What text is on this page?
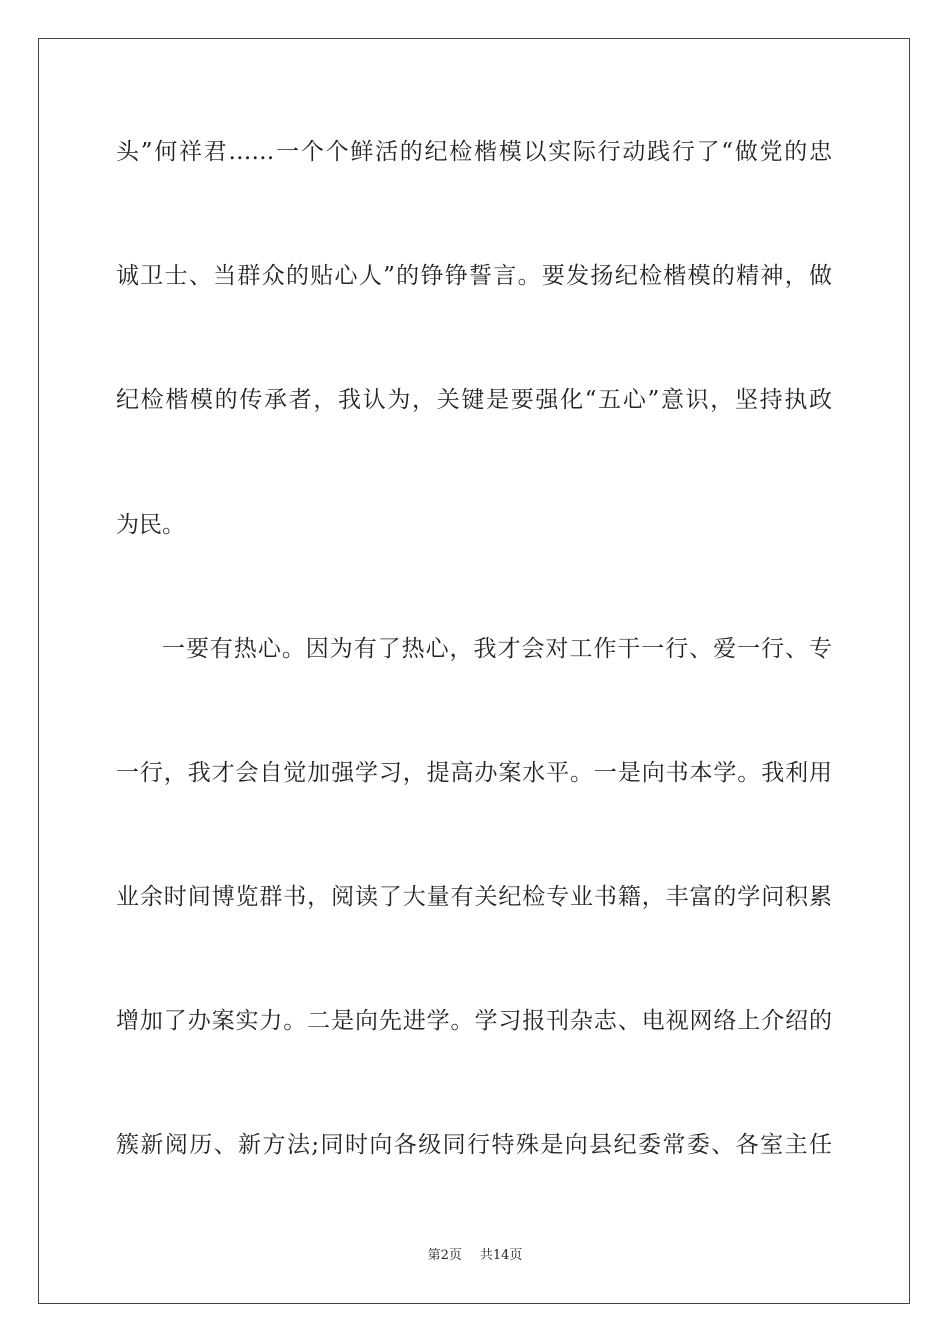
头”何祥君……一个个鲜活的纪检楷模以实际行动践行了“做党的忠
诚卫士、当群众的贴心人”的铮铮誓言。要发扬纪检楷模的精神，做
纪检楷模的传承者，我认为，关键是要强化“五心”意识，坚持执政
为民。
一要有热心。因为有了热心，我才会对工作干一行、爱一行、专
一行，我才会自觉加强学习，提高办案水平。一是向书本学。我利用
业余时间博览群书，阅读了大量有关纪检专业书籍，丰富的学问积累
增加了办案实力。二是向先进学。学习报刊杂志、电视网络上介绍的
簇新阅历、新方法;同时向各级同行特殊是向县纪委常委、各室主任
第2页 共14页
